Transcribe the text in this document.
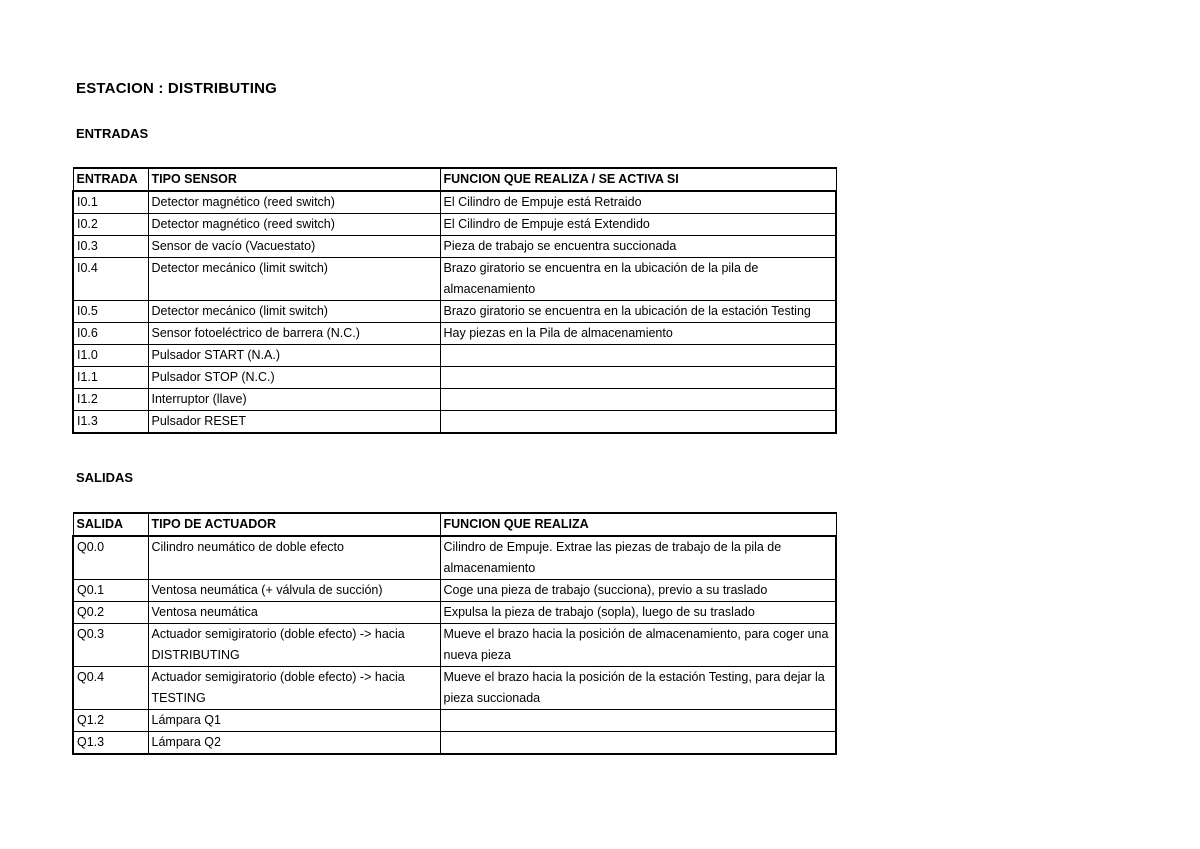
ESTACION : DISTRIBUTING
ENTRADAS
ENTRADA	TIPO SENSOR	FUNCION QUE REALIZA / SE ACTIVA SI
I0.1	Detector magnético (reed switch)	El Cilindro de Empuje está Retraido
I0.2	Detector magnético (reed switch)	El Cilindro de Empuje está Extendido
I0.3	Sensor de vacío (Vacuestato)	Pieza de trabajo se encuentra succionada
I0.4	Detector mecánico (limit switch)	Brazo giratorio se encuentra en la ubicación de la pila de almacenamiento
I0.5	Detector mecánico (limit switch)	Brazo giratorio se encuentra en la ubicación de la estación Testing
I0.6	Sensor fotoeléctrico de barrera (N.C.)	Hay piezas en la Pila de almacenamiento
I1.0	Pulsador START (N.A.)	
I1.1	Pulsador STOP (N.C.)	
I1.2	Interruptor (llave)	
I1.3	Pulsador RESET	
SALIDAS
SALIDA	TIPO DE ACTUADOR	FUNCION QUE REALIZA
Q0.0	Cilindro neumático de doble efecto	Cilindro de Empuje. Extrae las piezas de trabajo de la pila de almacenamiento
Q0.1	Ventosa neumática (+ válvula de succión)	Coge una pieza de trabajo (succiona), previo a su traslado
Q0.2	Ventosa neumática	Expulsa la pieza de trabajo (sopla), luego de su traslado
Q0.3	Actuador semigiratorio (doble efecto) -> hacia DISTRIBUTING	Mueve el brazo hacia la posición de almacenamiento, para coger una nueva pieza
Q0.4	Actuador semigiratorio (doble efecto) -> hacia TESTING	Mueve el brazo hacia la posición de la estación Testing, para dejar la pieza succionada
Q1.2	Lámpara Q1	
Q1.3	Lámpara Q2	
